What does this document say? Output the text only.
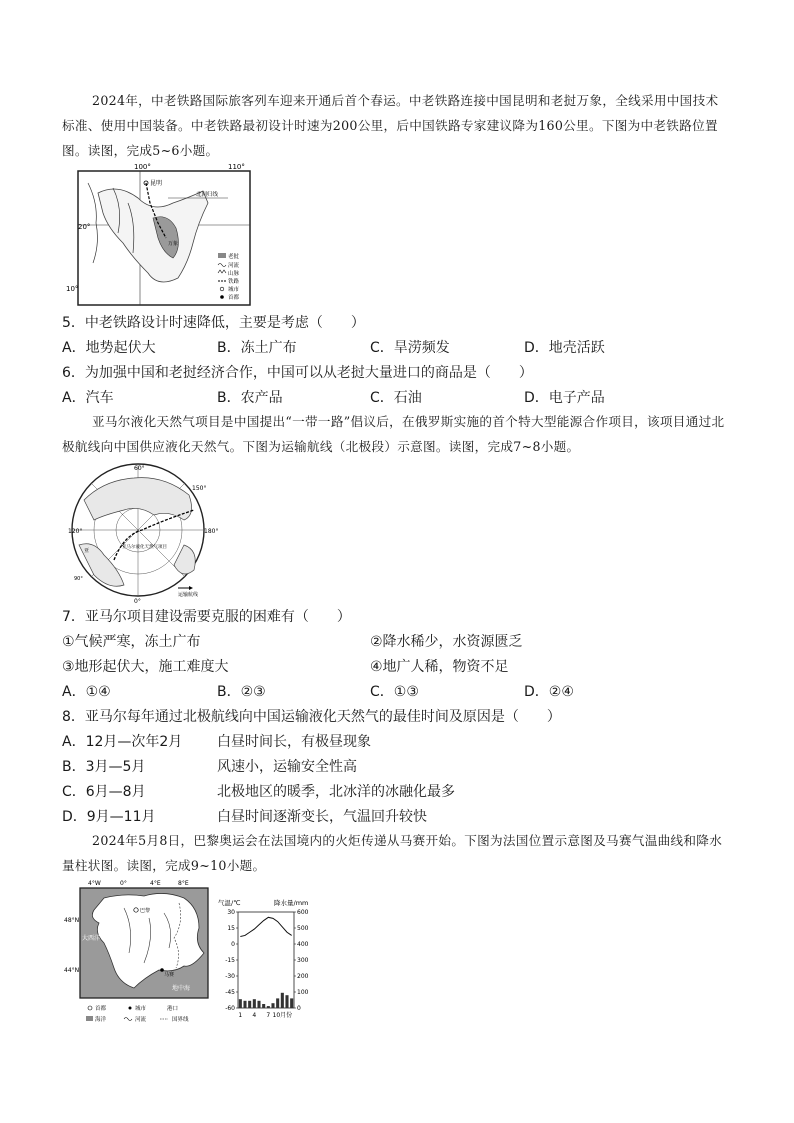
2024年，中老铁路国际旅客列车迎来开通后首个春运。中老铁路连接中国昆明和老挝万象，全线采用中国技术标准、使用中国装备。中老铁路最初设计时速为200公里，后中国铁路专家建议降为160公里。下图为中老铁路位置图。读图，完成5~6小题。
100°	110°
20°
10°
昆明
北回归线
万象
老挝
河流
山脉
铁路
城市
首都
5．中老铁路设计时速降低，主要是考虑（　　）
A．地势起伏大	B．冻土广布	C．旱涝频发	D．地壳活跃
6．为加强中国和老挝经济合作，中国可以从老挝大量进口的商品是（　　）
A．汽车	B．农产品	C．石油	D．电子产品
亚马尔液化天然气项目是中国提出“一带一路”倡议后，在俄罗斯实施的首个特大型能源合作项目，该项目通过北极航线向中国供应液化天然气。下图为运输航线（北极段）示意图。读图，完成7~8小题。
60°
150°
180°
120°
0°
亚马尔液化天然气项目
亚
90°
运输航线
7．亚马尔项目建设需要克服的困难有（　　）
①气候严寒，冻土广布	②降水稀少，水资源匮乏
③地形起伏大，施工难度大	④地广人稀，物资不足
A．①④	B．②③	C．①③	D．②④
8．亚马尔每年通过北极航线向中国运输液化天然气的最佳时间及原因是（　　）
A．12月—次年2月 白昼时间长，有极昼现象
B．3月—5月	风速小，运输安全性高
C．6月—8月	北极地区的暖季，北冰洋的冰融化最多
D．9月—11月	白昼时间逐渐变长，气温回升较快
2024年5月8日，巴黎奥运会在法国境内的火炬传递从马赛开始。下图为法国位置示意图及马赛气温曲线和降水量柱状图。读图，完成9~10小题。
4°W	0°	4°E	8°E
48°N
44°N
巴黎
马赛
大西洋
地中海
首都	城市	港口
海洋	河流	国界线
气温/℃	降水量/mm
30
15
0
-15
-30
-45
-60
600
500
400
300
200
100
0
1 4 7 10月份
